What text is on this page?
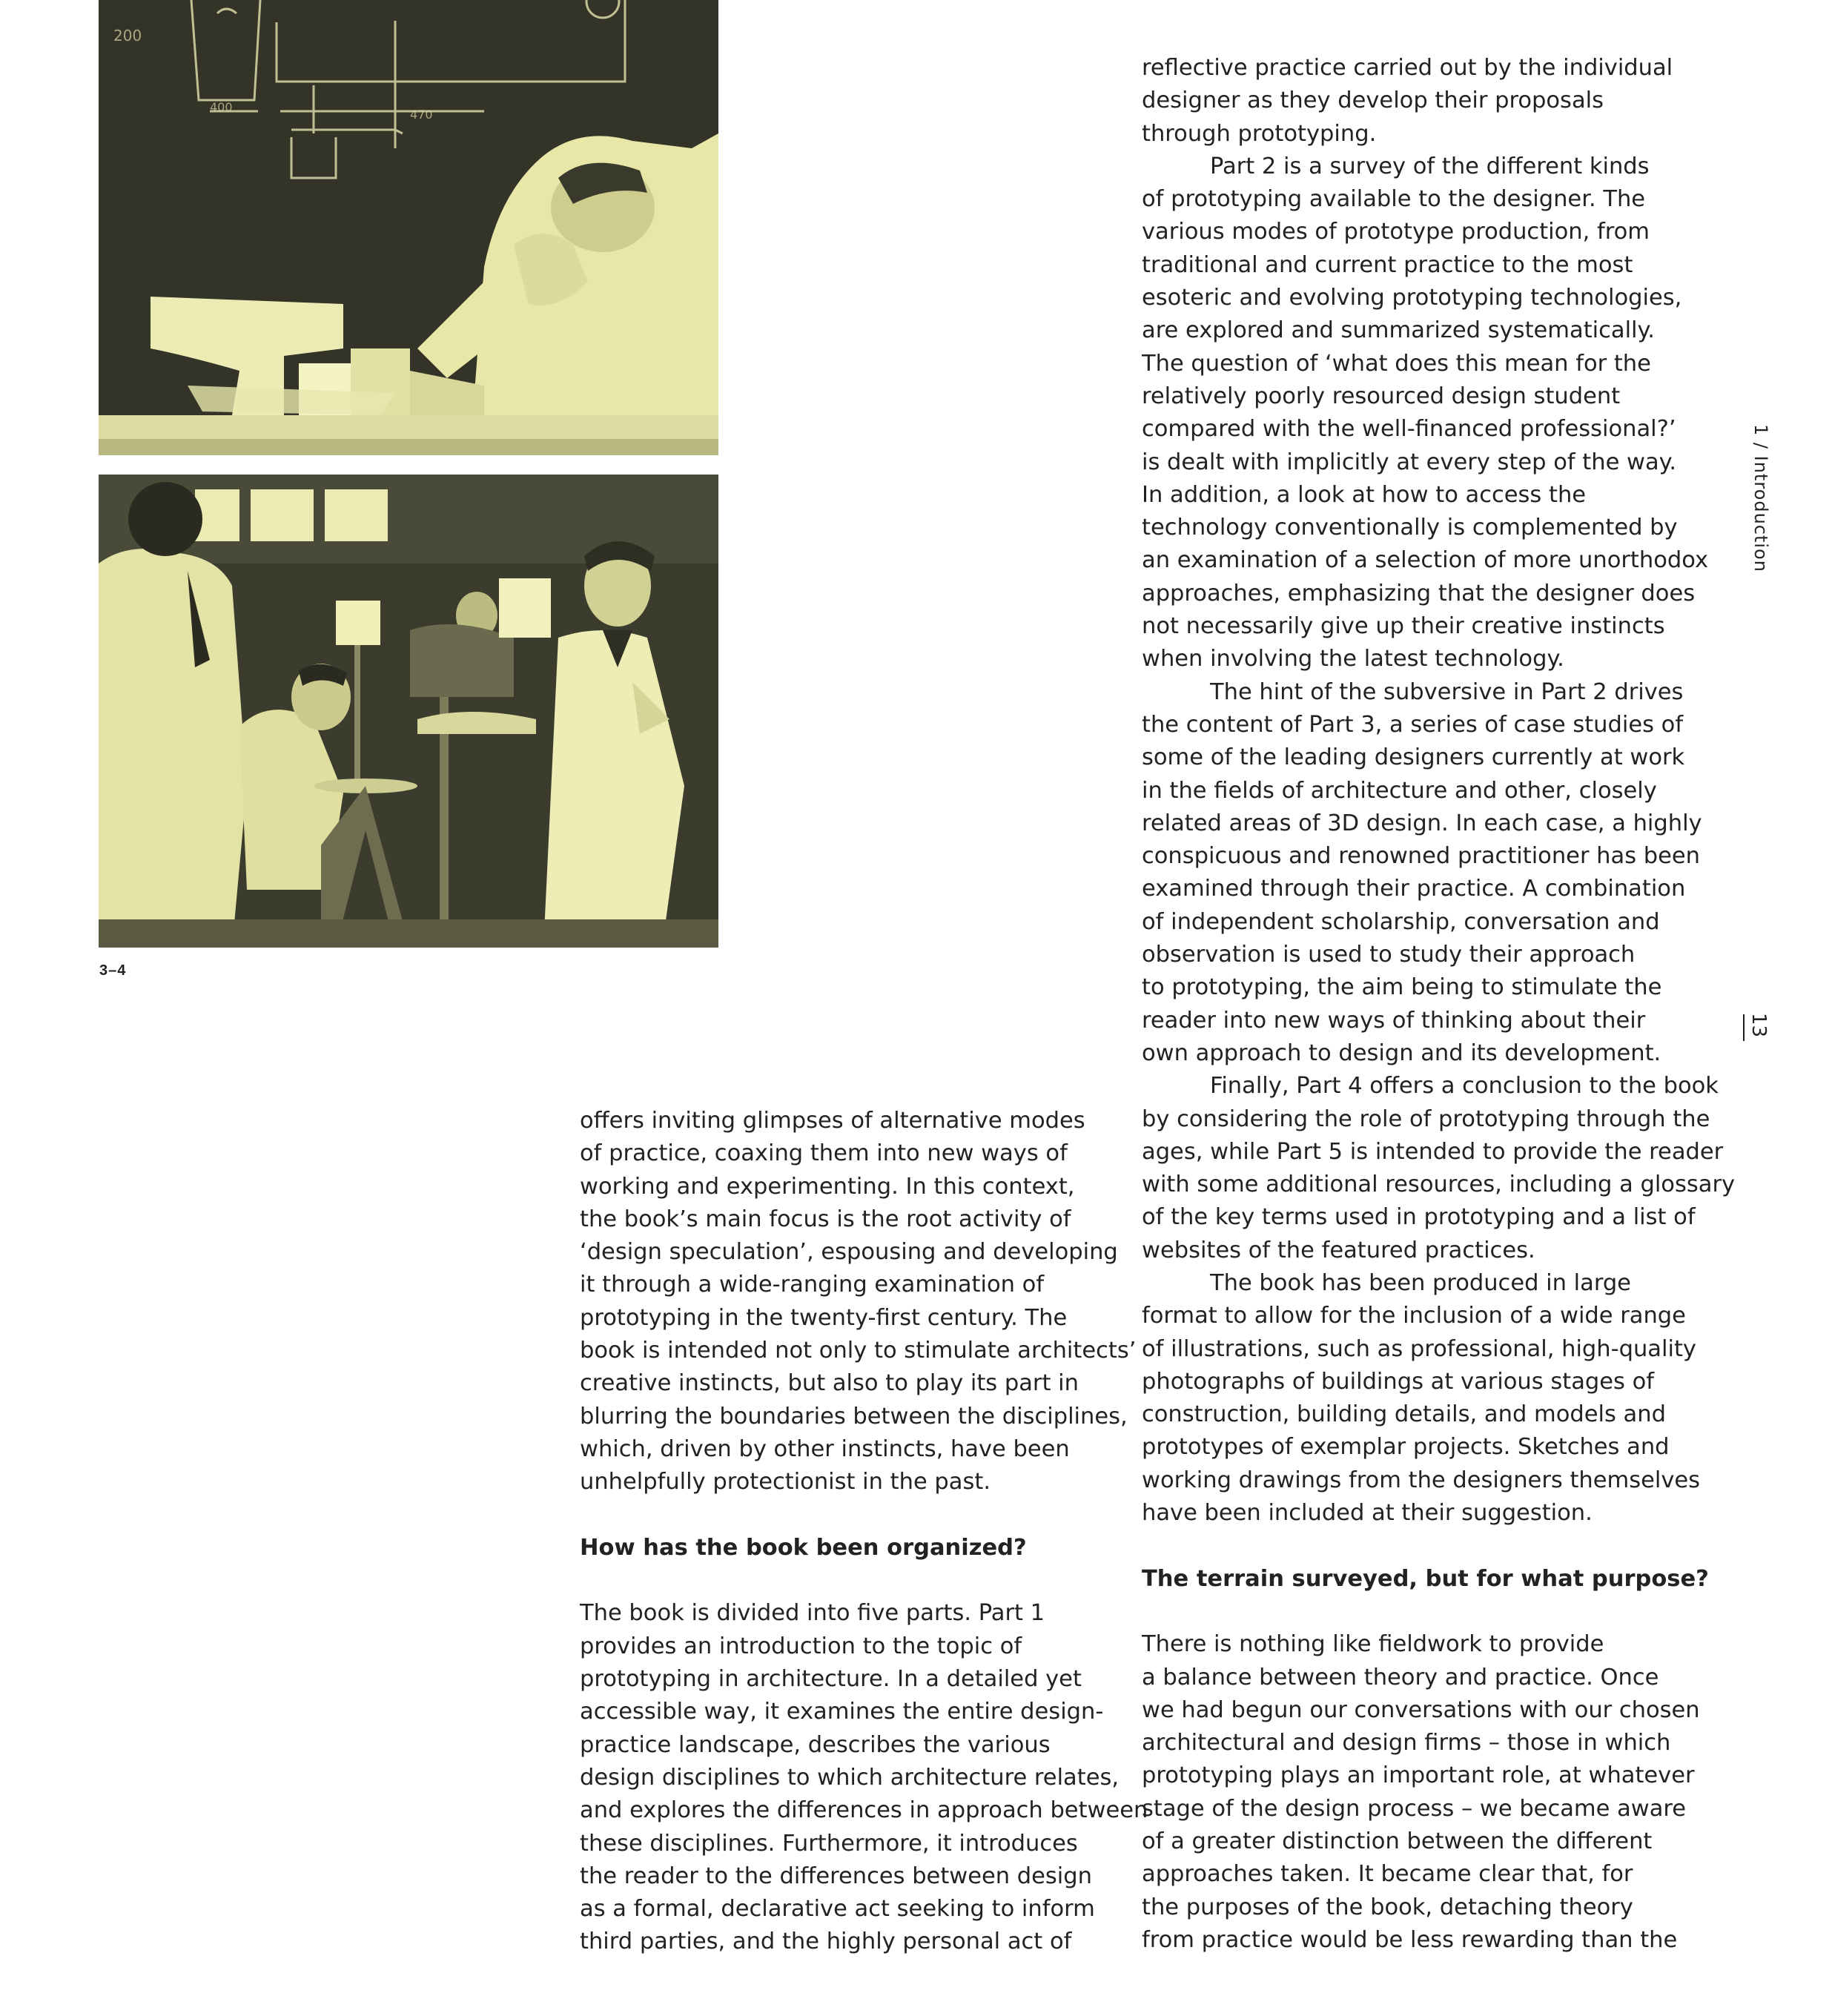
200
400
470
3–4
offers inviting glimpses of alternative modes
of practice, coaxing them into new ways of
working and experimenting. In this context,
the book’s main focus is the root activity of
‘design speculation’, espousing and developing
it through a wide-ranging examination of
prototyping in the twenty-first century. The
book is intended not only to stimulate architects’
creative instincts, but also to play its part in
blurring the boundaries between the disciplines,
which, driven by other instincts, have been
unhelpfully protectionist in the past.
How has the book been organized?
The book is divided into five parts. Part 1
provides an introduction to the topic of
prototyping in architecture. In a detailed yet
accessible way, it examines the entire design-
practice landscape, describes the various
design disciplines to which architecture relates,
and explores the differences in approach between
these disciplines. Furthermore, it introduces
the reader to the differences between design
as a formal, declarative act seeking to inform
third parties, and the highly personal act of
reflective practice carried out by the individual
designer as they develop their proposals
through prototyping.
Part 2 is a survey of the different kinds
of prototyping available to the designer. The
various modes of prototype production, from
traditional and current practice to the most
esoteric and evolving prototyping technologies,
are explored and summarized systematically.
The question of ‘what does this mean for the
relatively poorly resourced design student
compared with the well-financed professional?’
is dealt with implicitly at every step of the way.
In addition, a look at how to access the
technology conventionally is complemented by
an examination of a selection of more unorthodox
approaches, emphasizing that the designer does
not necessarily give up their creative instincts
when involving the latest technology.
The hint of the subversive in Part 2 drives
the content of Part 3, a series of case studies of
some of the leading designers currently at work
in the fields of architecture and other, closely
related areas of 3D design. In each case, a highly
conspicuous and renowned practitioner has been
examined through their practice. A combination
of independent scholarship, conversation and
observation is used to study their approach
to prototyping, the aim being to stimulate the
reader into new ways of thinking about their
own approach to design and its development.
Finally, Part 4 offers a conclusion to the book
by considering the role of prototyping through the
ages, while Part 5 is intended to provide the reader
with some additional resources, including a glossary
of the key terms used in prototyping and a list of
websites of the featured practices.
The book has been produced in large
format to allow for the inclusion of a wide range
of illustrations, such as professional, high-quality
photographs of buildings at various stages of
construction, building details, and models and
prototypes of exemplar projects. Sketches and
working drawings from the designers themselves
have been included at their suggestion.
The terrain surveyed, but for what purpose?
There is nothing like fieldwork to provide
a balance between theory and practice. Once
we had begun our conversations with our chosen
architectural and design firms – those in which
prototyping plays an important role, at whatever
stage of the design process – we became aware
of a greater distinction between the different
approaches taken. It became clear that, for
the purposes of the book, detaching theory
from practice would be less rewarding than the
1 / Introduction
13
